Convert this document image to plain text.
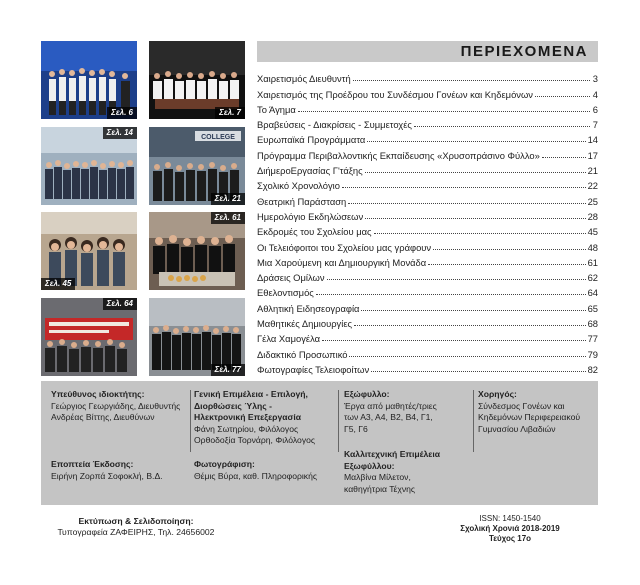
Σελ. 6	Σελ. 7
Σελ. 14
COLLEGE
Σελ. 21
Σελ. 45
Σελ. 61
Σελ. 64
Σελ. 77
ΠΕΡΙΕΧΟΜΕΝΑ
Χαιρετισμός Διευθυντή	3
Χαιρετισμός της Προέδρου του Συνδέσμου Γονέων και Κηδεμόνων	4
Το Άγημα	6
Βραβεύσεις - Διακρίσεις - Συμμετοχές	7
Ευρωπαϊκά Προγράμματα	14
Πρόγραμμα Περιβαλλοντικής Εκπαίδευσης «Χρυσοπράσινο Φύλλο»	17
ΔιήμεροΕργασίας Γ'τάξης	21
Σχολικό Χρονολόγιο	22
Θεατρική Παράσταση	25
Ημερολόγιο Εκδηλώσεων	28
Εκδρομές του Σχολείου μας	45
Οι Τελειόφοιτοι του Σχολείου μας γράφουν	48
Μια Χαρούμενη και Δημιουργική Μονάδα	61
Δράσεις Ομίλων	62
Εθελοντισμός	64
Αθλητική Ειδησεογραφία	65
Μαθητικές Δημιουργίες	68
Γέλα Χαμογέλα	77
Διδακτικό Προσωπικό	79
Φωτογραφίες Τελειοφοίτων	82
Υπεύθυνος ιδιοκτήτης:
Γεώργιος Γεωργιάδης, Διευθυντής
Ανδρέας Βίττης, Διευθύνων
Εποπτεία Έκδοσης:
Ειρήνη Ζορπά Σοφοκλή, Β.Δ.
Γενική Επιμέλεια - Επιλογή,
Διορθώσεις Ύλης -
Ηλεκτρονική Επεξεργασία
Φάνη Σωτηρίου, Φιλόλογος
Ορθοδοξία Τορνάρη, Φιλόλογος
Φωτογράφιση:
Θέμις Βύρα, καθ. Πληροφορικής
Εξώφυλλο:
Έργα από μαθητές/τριες
των Α3, Α4, Β2, Β4, Γ1,
Γ5, Γ6
Καλλιτεχνική Επιμέλεια
Εξωφύλλου:
Μαλβίνα Μίλετον,
καθηγήτρια Τέχνης
Χορηγός:
Σύνδεσμος Γονέων και
Κηδεμόνων Περιφερειακού
Γυμνασίου Λιβαδιών
Εκτύπωση & Σελιδοποίηση:
Τυπογραφεία ΖΑΦΕΙΡΗΣ, Τηλ. 24656002
ISSN: 1450-1540
Σχολική Χρονιά 2018-2019
Τεύχος 17ο
